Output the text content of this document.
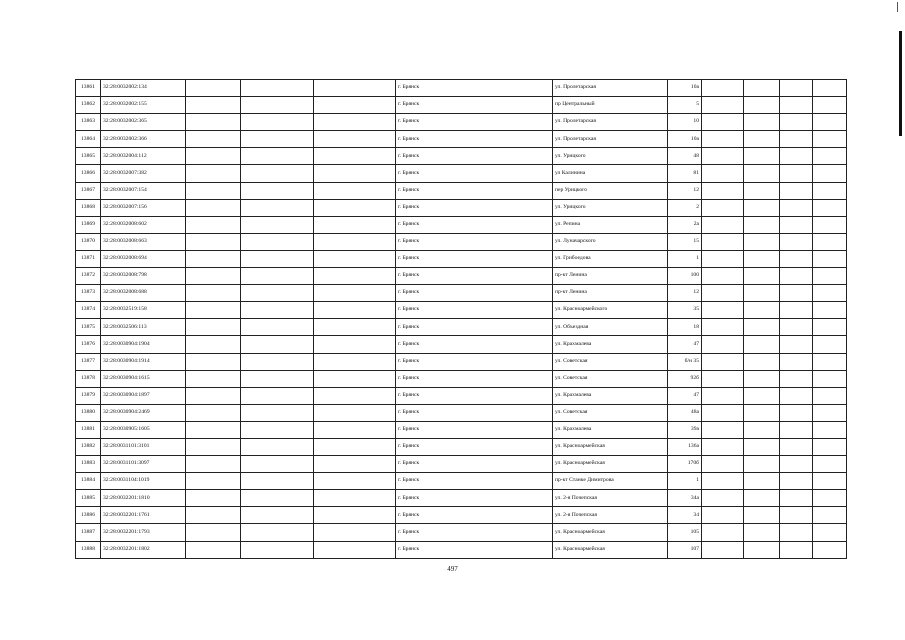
13861	32:28:0032002:134				г. Брянск	ул. Пролетарская	10а				
13862	32:28:0032002:155				г. Брянск	пр Центральный	5				
13863	32:28:0032002:365				г. Брянск	ул. Пролетарская	10				
13864	32:28:0032002:366				г. Брянск	ул. Пролетарская	10а				
13865	32:28:0032004:112				г. Брянск	ул. Урицкого	48				
13866	32:28:0032007:382				г. Брянск	ул Калинина	81				
13867	32:28:0032007:154				г. Брянск	пер Урицкого	12				
13868	32:28:0032007:156				г. Брянск	ул. Урицкого	2				
13869	32:28:0032008:602				г. Брянск	ул. Репина	2а				
13870	32:28:0032008:663				г. Брянск	ул. Луначарского	15				
13871	32:28:0032008:694				г. Брянск	ул. Грибоедова	1				
13872	32:28:0032008:798				г. Брянск	пр-кт Ленина	100				
13873	32:28:0032008:688				г. Брянск	пр-кт Ленина	12				
13874	32:28:0032519:158				г. Брянск	ул. Красноармейского	35				
13875	32:28:0032506:113				г. Брянск	ул. Объездная	18				
13876	32:28:0030904:1904				г. Брянск	ул. Крахмалева	47				
13877	32:28:0030904:1914				г. Брянск	ул. Советская	б/н 35				
13878	32:28:0030904:1615				г. Брянск	ул. Советская	92б				
13879	32:28:0030904:1897				г. Брянск	ул. Крахмалева	47				
13880	32:28:0030904:2469				г. Брянск	ул. Советская	48а				
13881	32:28:0030905:1605				г. Брянск	ул. Крахмалева	39а				
13882	32:28:0031101:3101				г. Брянск	ул. Красноармейская	136а				
13883	32:28:0031101:3097				г. Брянск	ул. Красноармейская	170б				
13884	32:28:0031104:1019				г. Брянск	пр-кт Станке Димитрова	1				
13885	32:28:0032201:1810				г. Брянск	ул. 2-я Почепская	34а				
13886	32:28:0032201:1761				г. Брянск	ул. 2-я Почепская	34				
13887	32:28:0032201:1793				г. Брянск	ул. Красноармейская	105				
13888	32:28:0032201:1802				г. Брянск	ул. Красноармейская	107				
497
